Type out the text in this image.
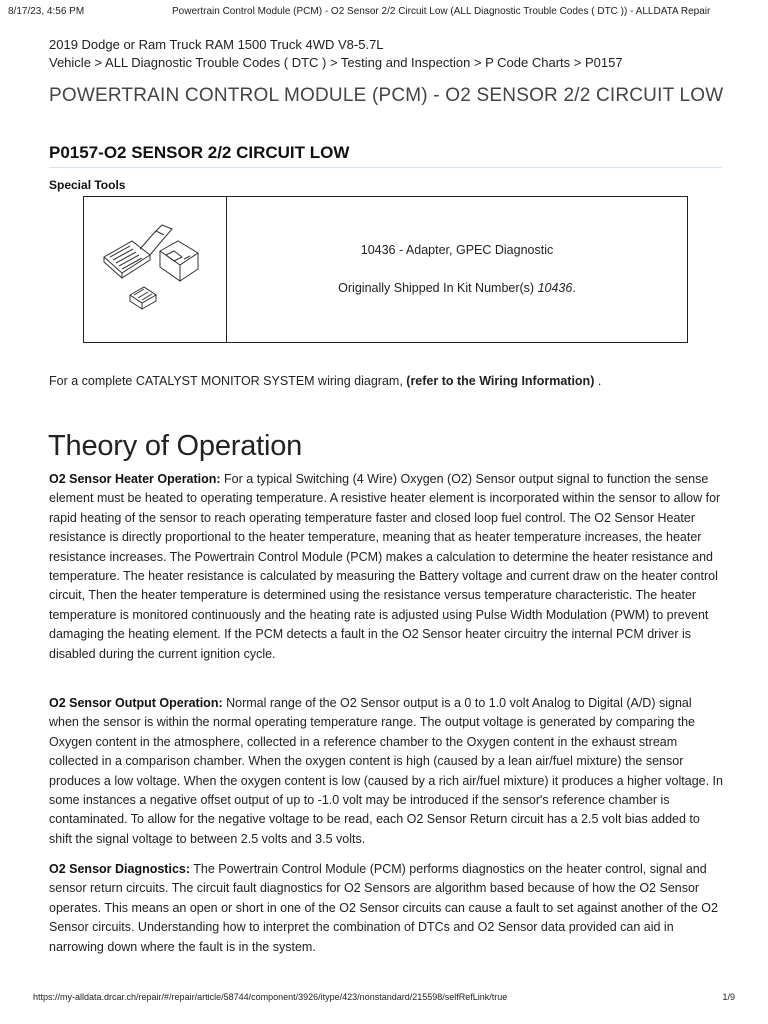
8/17/23, 4:56 PM	Powertrain Control Module (PCM) - O2 Sensor 2/2 Circuit Low (ALL Diagnostic Trouble Codes ( DTC )) - ALLDATA Repair
2019 Dodge or Ram Truck RAM 1500 Truck 4WD V8-5.7L
Vehicle > ALL Diagnostic Trouble Codes ( DTC ) > Testing and Inspection > P Code Charts > P0157
POWERTRAIN CONTROL MODULE (PCM) - O2 SENSOR 2/2 CIRCUIT LOW
P0157-O2 SENSOR 2/2 CIRCUIT LOW
Special Tools
10436 - Adapter, GPEC Diagnostic
Originally Shipped In Kit Number(s) 10436.
For a complete CATALYST MONITOR SYSTEM wiring diagram, (refer to the Wiring Information) .
Theory of Operation

O2 Sensor Heater Operation: For a typical Switching (4 Wire) Oxygen (O2) Sensor output signal to function the sense element must be heated to operating temperature. A resistive heater element is incorporated within the sensor to allow for rapid heating of the sensor to reach operating temperature faster and closed loop fuel control. The O2 Sensor Heater resistance is directly proportional to the heater temperature, meaning that as heater temperature increases, the heater resistance increases. The Powertrain Control Module (PCM) makes a calculation to determine the heater resistance and temperature. The heater resistance is calculated by measuring the Battery voltage and current draw on the heater control circuit, Then the heater temperature is determined using the resistance versus temperature characteristic. The heater temperature is monitored continuously and the heating rate is adjusted using Pulse Width Modulation (PWM) to prevent damaging the heating element. If the PCM detects a fault in the O2 Sensor heater circuitry the internal PCM driver is disabled during the current ignition cycle.

O2 Sensor Output Operation: Normal range of the O2 Sensor output is a 0 to 1.0 volt Analog to Digital (A/D) signal when the sensor is within the normal operating temperature range. The output voltage is generated by comparing the Oxygen content in the atmosphere, collected in a reference chamber to the Oxygen content in the exhaust stream collected in a comparison chamber. When the oxygen content is high (caused by a lean air/fuel mixture) the sensor produces a low voltage. When the oxygen content is low (caused by a rich air/fuel mixture) it produces a higher voltage. In some instances a negative offset output of up to -1.0 volt may be introduced if the sensor's reference chamber is contaminated. To allow for the negative voltage to be read, each O2 Sensor Return circuit has a 2.5 volt bias added to shift the signal voltage to between 2.5 volts and 3.5 volts.

O2 Sensor Diagnostics: The Powertrain Control Module (PCM) performs diagnostics on the heater control, signal and sensor return circuits. The circuit fault diagnostics for O2 Sensors are algorithm based because of how the O2 Sensor operates. This means an open or short in one of the O2 Sensor circuits can cause a fault to set against another of the O2 Sensor circuits. Understanding how to interpret the combination of DTCs and O2 Sensor data provided can aid in narrowing down where the fault is in the system.

https://my-alldata.drcar.ch/repair/#/repair/article/58744/component/3926/itype/423/nonstandard/215598/selfRefLink/true	1/9
